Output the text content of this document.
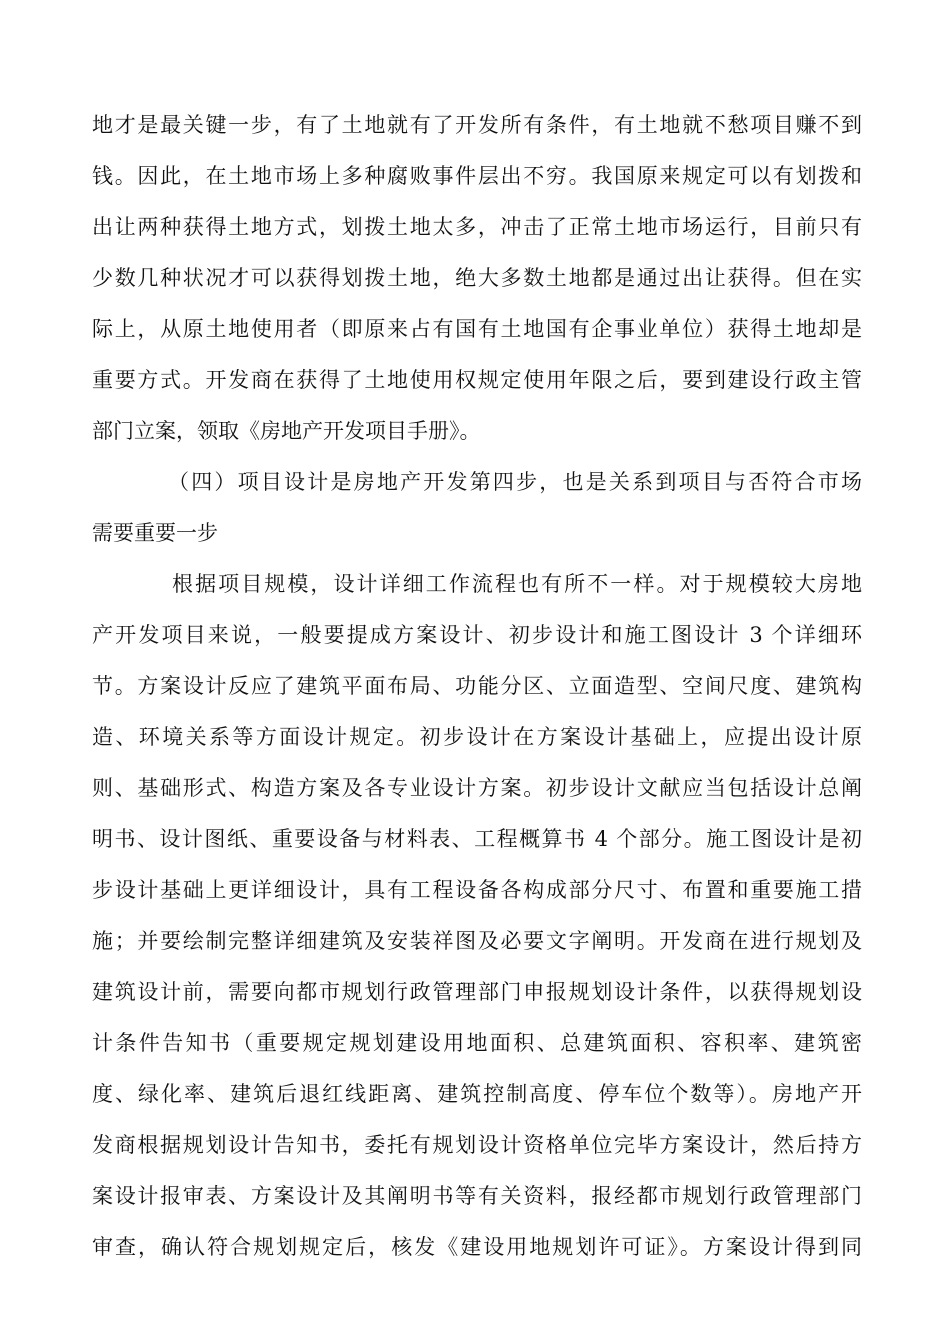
地才是最关键一步，有了土地就有了开发所有条件，有土地就不愁项目赚不到
钱。因此，在土地市场上多种腐败事件层出不穷。我国原来规定可以有划拨和
出让两种获得土地方式，划拨土地太多，冲击了正常土地市场运行，目前只有
少数几种状况才可以获得划拨土地，绝大多数土地都是通过出让获得。但在实
际上，从原土地使用者（即原来占有国有土地国有企事业单位）获得土地却是
重要方式。开发商在获得了土地使用权规定使用年限之后，要到建设行政主管
部门立案，领取《房地产开发项目手册》。
（四）项目设计是房地产开发第四步，也是关系到项目与否符合市场
需要重要一步
根据项目规模，设计详细工作流程也有所不一样。对于规模较大房地
产开发项目来说，一般要提成方案设计、初步设计和施工图设计 3 个详细环
节。方案设计反应了建筑平面布局、功能分区、立面造型、空间尺度、建筑构
造、环境关系等方面设计规定。初步设计在方案设计基础上，应提出设计原
则、基础形式、构造方案及各专业设计方案。初步设计文献应当包括设计总阐
明书、设计图纸、重要设备与材料表、工程概算书 4 个部分。施工图设计是初
步设计基础上更详细设计，具有工程设备各构成部分尺寸、布置和重要施工措
施；并要绘制完整详细建筑及安装祥图及必要文字阐明。开发商在进行规划及
建筑设计前，需要向都市规划行政管理部门申报规划设计条件，以获得规划设
计条件告知书（重要规定规划建设用地面积、总建筑面积、容积率、建筑密
度、绿化率、建筑后退红线距离、建筑控制高度、停车位个数等）。房地产开
发商根据规划设计告知书，委托有规划设计资格单位完毕方案设计，然后持方
案设计报审表、方案设计及其阐明书等有关资料，报经都市规划行政管理部门
审查，确认符合规划规定后，核发《建设用地规划许可证》。方案设计得到同
